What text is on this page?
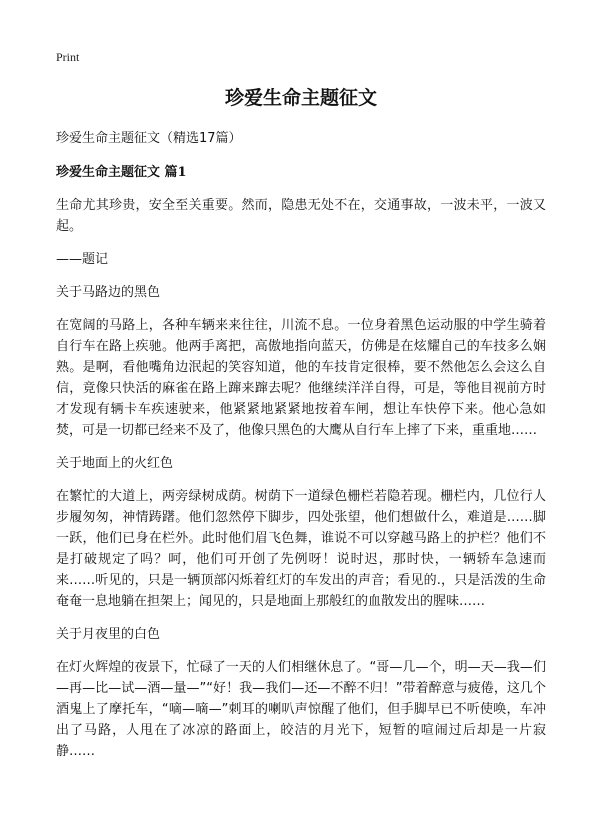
Print
珍爱生命主题征文

珍爱生命主题征文（精选17篇）

珍爱生命主题征文 篇1

生命尤其珍贵，安全至关重要。然而，隐患无处不在，交通事故，一波未平，一波又起。

——题记

关于马路边的黑色

在宽阔的马路上，各种车辆来来往往，川流不息。一位身着黑色运动服的中学生骑着自行车在路上疾驰。他两手离把，高傲地指向蓝天，仿佛是在炫耀自己的车技多么娴熟。是啊，看他嘴角边泯起的笑容知道，他的车技肯定很棒，要不然他怎么会这么自信，竟像只快活的麻雀在路上蹿来蹿去呢？他继续洋洋自得，可是，等他目视前方时才发现有辆卡车疾速驶来，他紧紧地紧紧地按着车闸，想让车快停下来。他心急如焚，可是一切都已经来不及了，他像只黑色的大鹰从自行车上摔了下来，重重地……

关于地面上的火红色

在繁忙的大道上，两旁绿树成荫。树荫下一道绿色栅栏若隐若现。栅栏内，几位行人步履匆匆，神情踌躇。他们忽然停下脚步，四处张望，他们想做什么，难道是……脚一跃，他们已身在栏外。此时他们眉飞色舞，谁说不可以穿越马路上的护栏？他们不是打破规定了吗？呵，他们可开创了先例呀！说时迟，那时快，一辆轿车急速而来……听见的，只是一辆顶部闪烁着红灯的车发出的声音；看见的.，只是活泼的生命奄奄一息地躺在担架上；闻见的，只是地面上那般红的血散发出的腥味……

关于月夜里的白色

在灯火辉煌的夜景下，忙碌了一天的人们相继休息了。“哥—几—个，明—天—我—们—再—比—试—酒—量—”“好！我—我们—还—不醉不归！”带着醉意与疲倦，这几个酒鬼上了摩托车，“嘀—嘀—”刺耳的喇叭声惊醒了他们，但手脚早已不听使唤，车冲出了马路，人甩在了冰凉的路面上，皎洁的月光下，短暂的喧闹过后却是一片寂静……
